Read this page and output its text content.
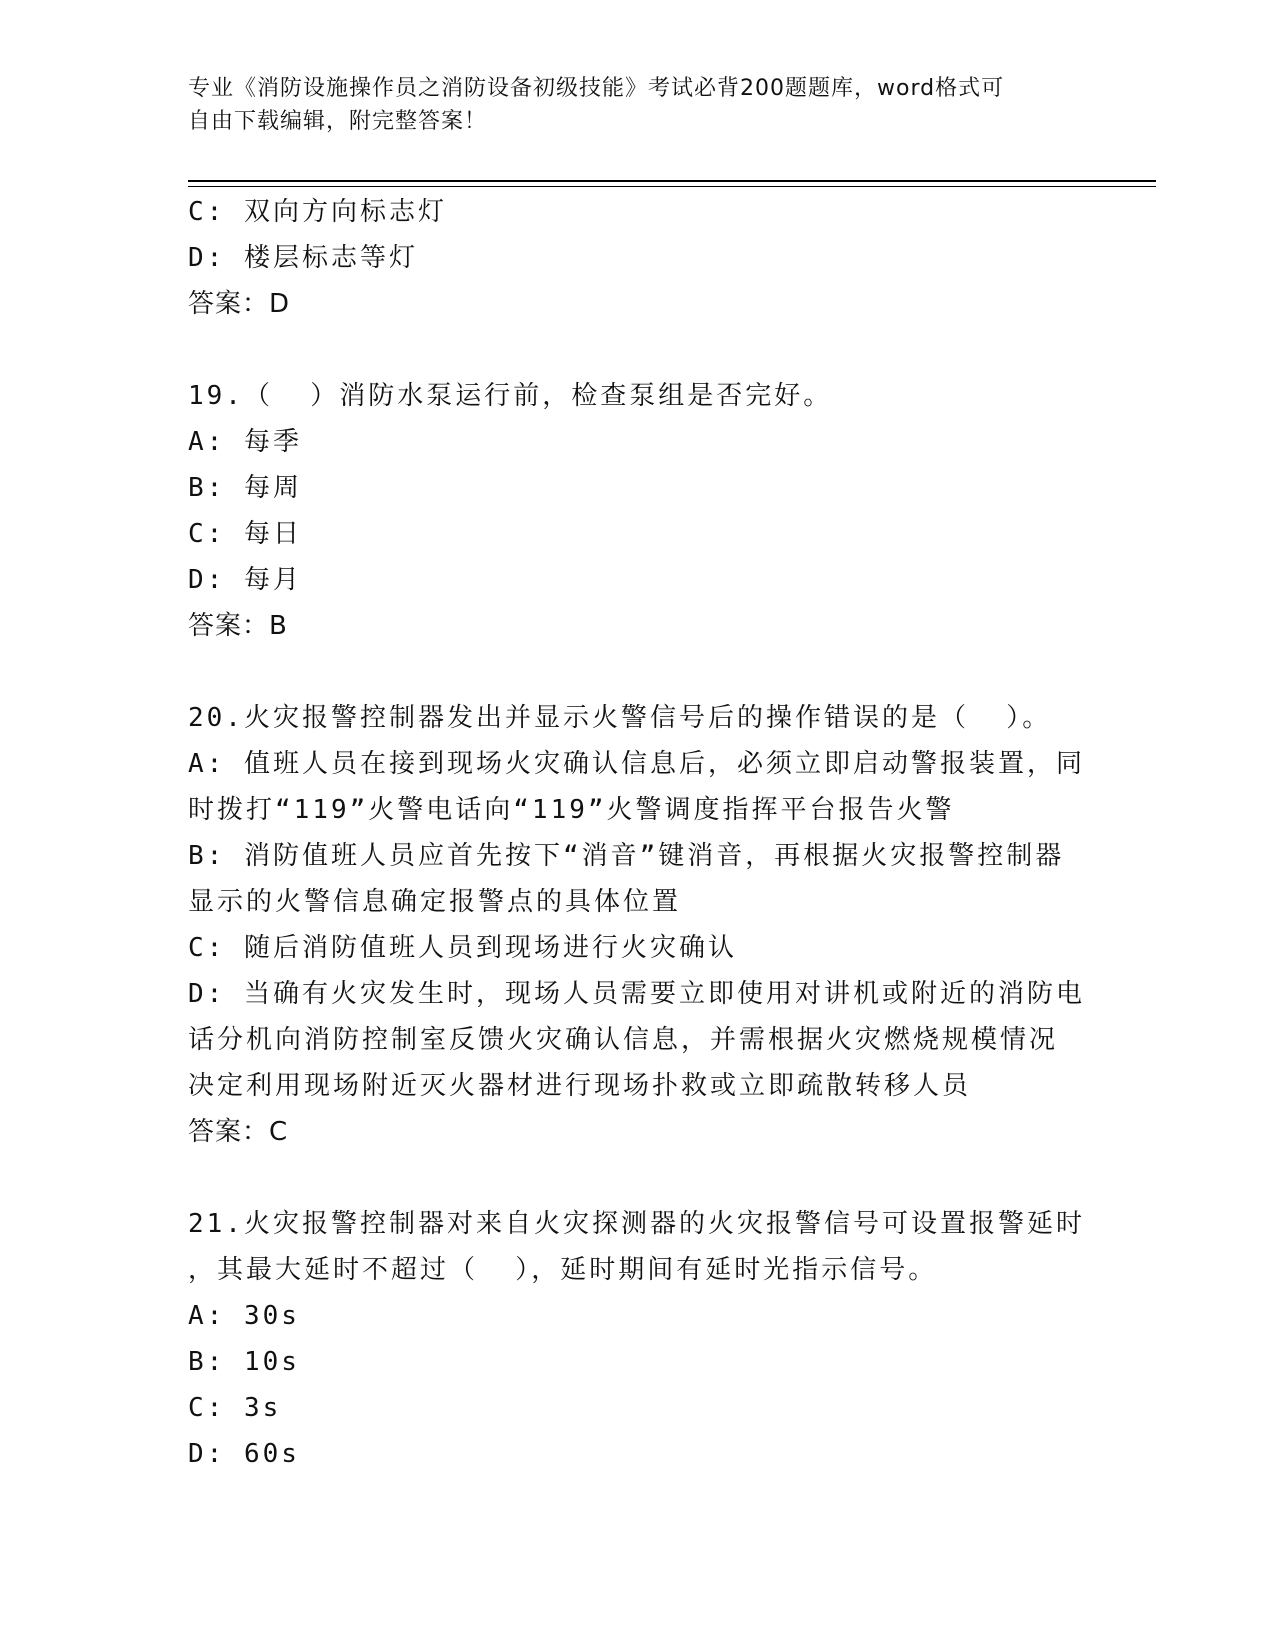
专业《消防设施操作员之消防设备初级技能》考试必背200题题库，word格式可
自由下载编辑，附完整答案！
C: 双向方向标志灯
D: 楼层标志等灯
答案：D
19.（  ）消防水泵运行前，检查泵组是否完好。
A: 每季
B: 每周
C: 每日
D: 每月
答案：B
20.火灾报警控制器发出并显示火警信号后的操作错误的是（  ）。
A: 值班人员在接到现场火灾确认信息后，必须立即启动警报装置，同
时拨打“119”火警电话向“119”火警调度指挥平台报告火警
B: 消防值班人员应首先按下“消音”键消音，再根据火灾报警控制器
显示的火警信息确定报警点的具体位置
C: 随后消防值班人员到现场进行火灾确认
D: 当确有火灾发生时，现场人员需要立即使用对讲机或附近的消防电
话分机向消防控制室反馈火灾确认信息，并需根据火灾燃烧规模情况
决定利用现场附近灭火器材进行现场扑救或立即疏散转移人员
答案：C
21.火灾报警控制器对来自火灾探测器的火灾报警信号可设置报警延时
，其最大延时不超过（  ），延时期间有延时光指示信号。
A: 30s
B: 10s
C: 3s
D: 60s
